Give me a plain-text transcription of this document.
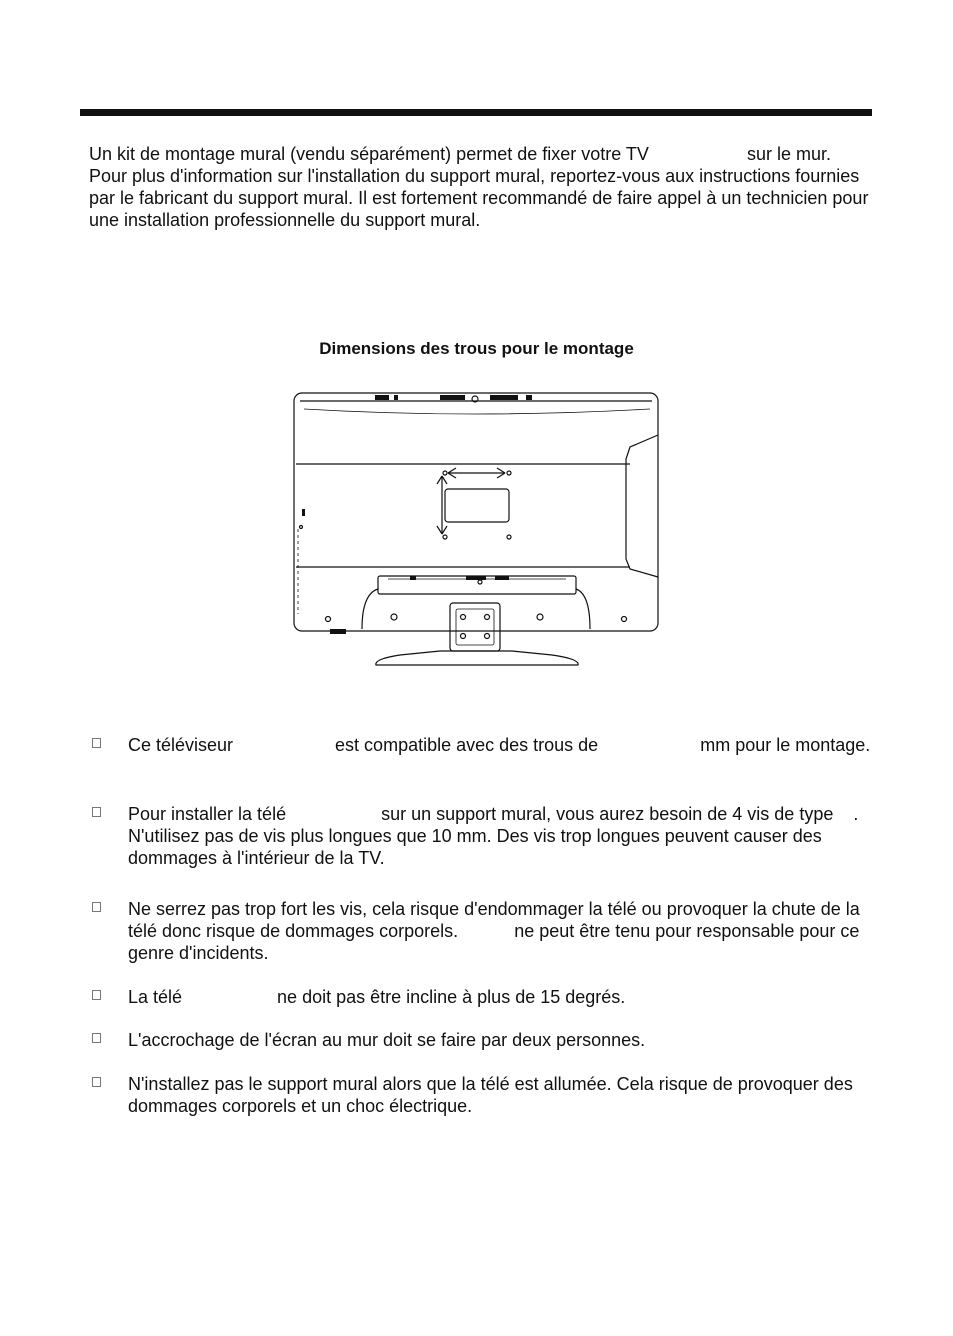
Un kit de montage mural (vendu séparément) permet de fixer votre TV	sur le mur. Pour plus d'information sur l'installation du support mural, reportez-vous aux instructions fournies par le fabricant du support mural. Il est fortement recommandé de faire appel à un technicien pour une installation professionnelle du support mural.

Dimensions des trous pour le montage

Ce téléviseur	est compatible avec des trous de	mm pour le montage.

Pour installer la télé	sur un support mural, vous aurez besoin de 4 vis de type . N'utilisez pas de vis plus longues que 10 mm. Des vis trop longues peuvent causer des dommages à l'intérieur de la TV.

Ne serrez pas trop fort les vis, cela risque d'endommager la télé ou provoquer la chute de la télé donc risque de dommages corporels.	ne peut être tenu pour responsable pour ce genre d'incidents.

La télé	ne doit pas être incline à plus de 15 degrés.

L'accrochage de l'écran au mur doit se faire par deux personnes.

N'installez pas le support mural alors que la télé est allumée. Cela risque de provoquer des dommages corporels et un choc électrique.
